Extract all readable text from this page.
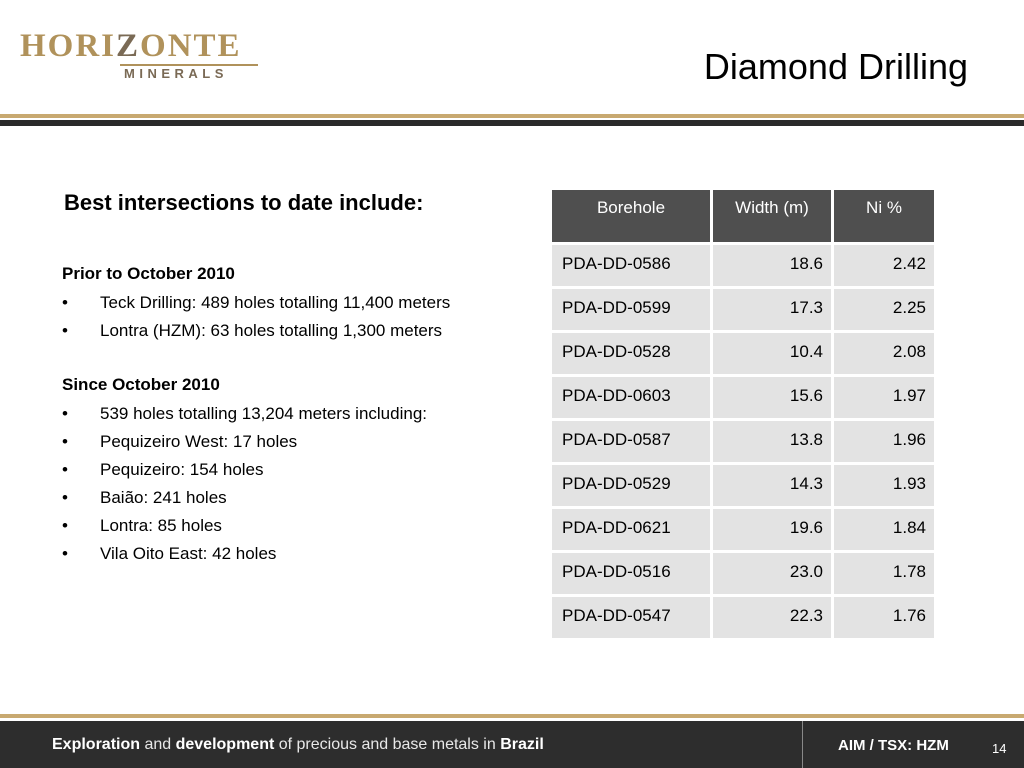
HORIZONTE
MINERALS	Diamond Drilling
Best intersections to date include:
Prior to October 2010
• Teck Drilling: 489 holes totalling 11,400 meters
• Lontra (HZM): 63 holes totalling 1,300 meters
Since October 2010
• 539 holes totalling 13,204 meters including:
• Pequizeiro West: 17 holes
• Pequizeiro: 154 holes
• Baião: 241 holes
• Lontra: 85 holes
• Vila Oito East: 42 holes
Borehole	Width (m)	Ni %
PDA-DD-0586	18.6	2.42
PDA-DD-0599	17.3	2.25
PDA-DD-0528	10.4	2.08
PDA-DD-0603	15.6	1.97
PDA-DD-0587	13.8	1.96
PDA-DD-0529	14.3	1.93
PDA-DD-0621	19.6	1.84
PDA-DD-0516	23.0	1.78
PDA-DD-0547	22.3	1.76
Exploration and development of precious and base metals in Brazil	AIM / TSX: HZM	14
